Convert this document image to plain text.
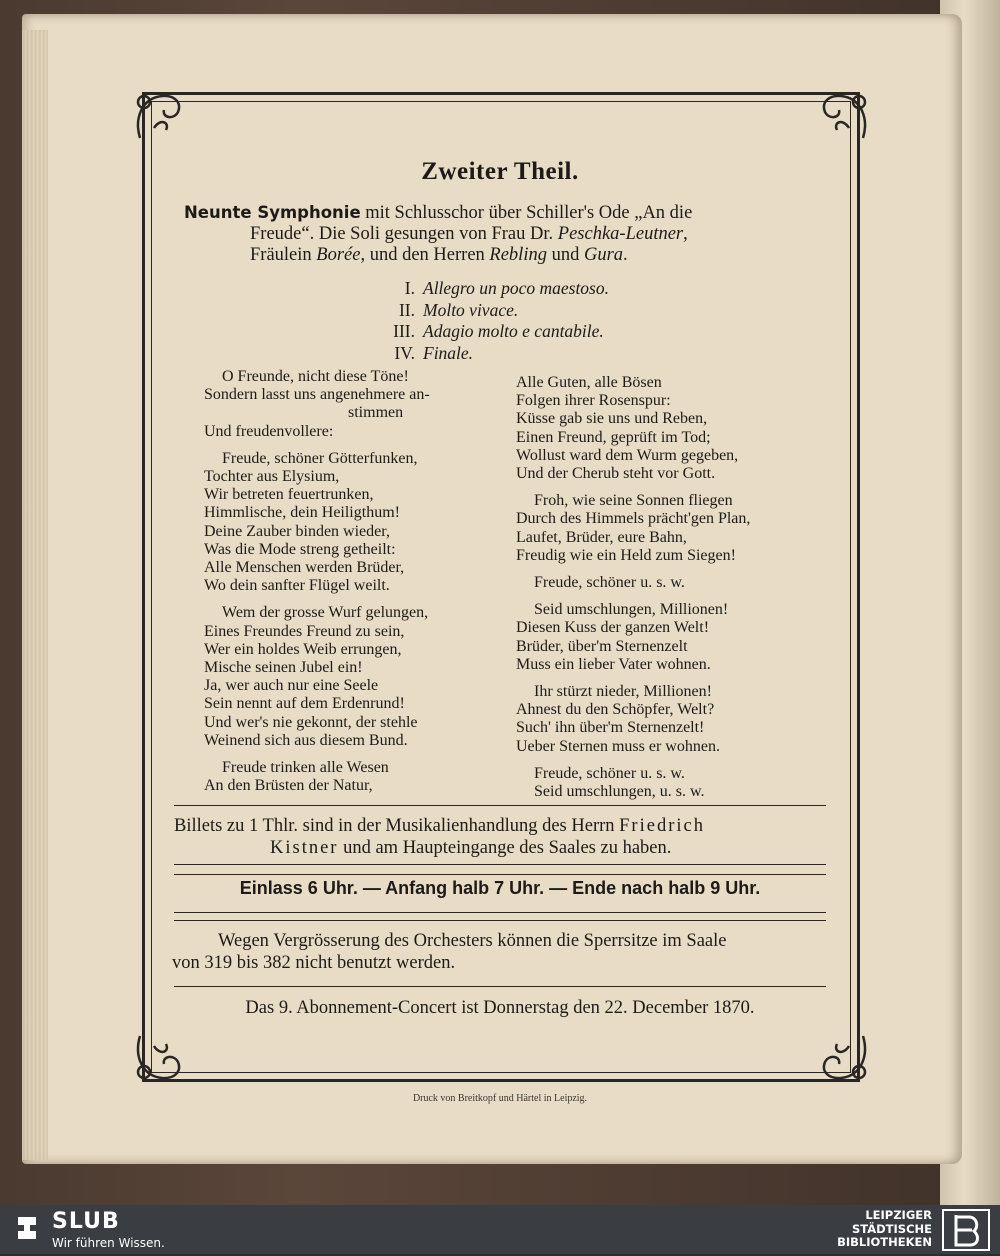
Zweiter Theil.
Neunte Symphonie mit Schlusschor über Schiller's Ode „An die
Freude“. Die Soli gesungen von Frau Dr. Peschka-Leutner,
Fräulein Borée, und den Herren Rebling und Gura.
I. Allegro un poco maestoso.
II. Molto vivace.
III. Adagio molto e cantabile.
IV. Finale.
O Freunde, nicht diese Töne!
Sondern lasst uns angenehmere an-
stimmen
Und freudenvollere:
Freude, schöner Götterfunken,
Tochter aus Elysium,
Wir betreten feuertrunken,
Himmlische, dein Heiligthum!
Deine Zauber binden wieder,
Was die Mode streng getheilt:
Alle Menschen werden Brüder,
Wo dein sanfter Flügel weilt.
Wem der grosse Wurf gelungen,
Eines Freundes Freund zu sein,
Wer ein holdes Weib errungen,
Mische seinen Jubel ein!
Ja, wer auch nur eine Seele
Sein nennt auf dem Erdenrund!
Und wer's nie gekonnt, der stehle
Weinend sich aus diesem Bund.
Freude trinken alle Wesen
An den Brüsten der Natur,
Alle Guten, alle Bösen
Folgen ihrer Rosenspur:
Küsse gab sie uns und Reben,
Einen Freund, geprüft im Tod;
Wollust ward dem Wurm gegeben,
Und der Cherub steht vor Gott.
Froh, wie seine Sonnen fliegen
Durch des Himmels prächt'gen Plan,
Laufet, Brüder, eure Bahn,
Freudig wie ein Held zum Siegen!
Freude, schöner u. s. w.
Seid umschlungen, Millionen!
Diesen Kuss der ganzen Welt!
Brüder, über'm Sternenzelt
Muss ein lieber Vater wohnen.
Ihr stürzt nieder, Millionen!
Ahnest du den Schöpfer, Welt?
Such' ihn über'm Sternenzelt!
Ueber Sternen muss er wohnen.
Freude, schöner u. s. w.
Seid umschlungen, u. s. w.
Billets zu 1 Thlr. sind in der Musikalienhandlung des Herrn Friedrich
Kistner und am Haupteingange des Saales zu haben.
Einlass 6 Uhr. — Anfang halb 7 Uhr. — Ende nach halb 9 Uhr.
Wegen Vergrösserung des Orchesters können die Sperrsitze im Saale
von 319 bis 382 nicht benutzt werden.
Das 9. Abonnement-Concert ist Donnerstag den 22. December 1870.
Druck von Breitkopf und Härtel in Leipzig.
SLUB
Wir führen Wissen.
LEIPZIGER
STÄDTISCHE
BIBLIOTHEKEN
